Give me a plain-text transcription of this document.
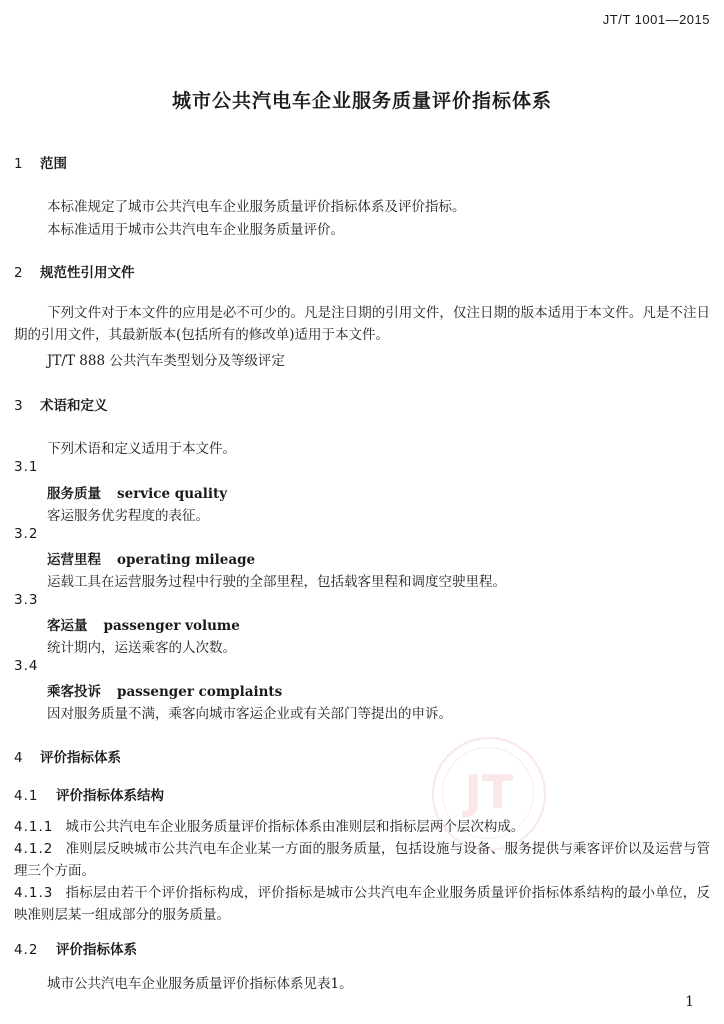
JT/T 1001—2015
城市公共汽电车企业服务质量评价指标体系
JT
1 范围
本标准规定了城市公共汽电车企业服务质量评价指标体系及评价指标。
本标准适用于城市公共汽电车企业服务质量评价。
2 规范性引用文件
下列文件对于本文件的应用是必不可少的。凡是注日期的引用文件，仅注日期的版本适用于本文件。凡是不注日期的引用文件，其最新版本(包括所有的修改单)适用于本文件。
JT/T 888 公共汽车类型划分及等级评定
3 术语和定义
下列术语和定义适用于本文件。
3.1
服务质量 service quality
客运服务优劣程度的表征。
3.2
运营里程 operating mileage
运载工具在运营服务过程中行驶的全部里程，包括载客里程和调度空驶里程。
3.3
客运量 passenger volume
统计期内，运送乘客的人次数。
3.4
乘客投诉 passenger complaints
因对服务质量不满，乘客向城市客运企业或有关部门等提出的申诉。
4 评价指标体系
4.1 评价指标体系结构
4.1.1 城市公共汽电车企业服务质量评价指标体系由准则层和指标层两个层次构成。
4.1.2 准则层反映城市公共汽电车企业某一方面的服务质量，包括设施与设备、服务提供与乘客评价以及运营与管理三个方面。
4.1.3 指标层由若干个评价指标构成，评价指标是城市公共汽电车企业服务质量评价指标体系结构的最小单位，反映准则层某一组成部分的服务质量。
4.2 评价指标体系
城市公共汽电车企业服务质量评价指标体系见表1。
1
